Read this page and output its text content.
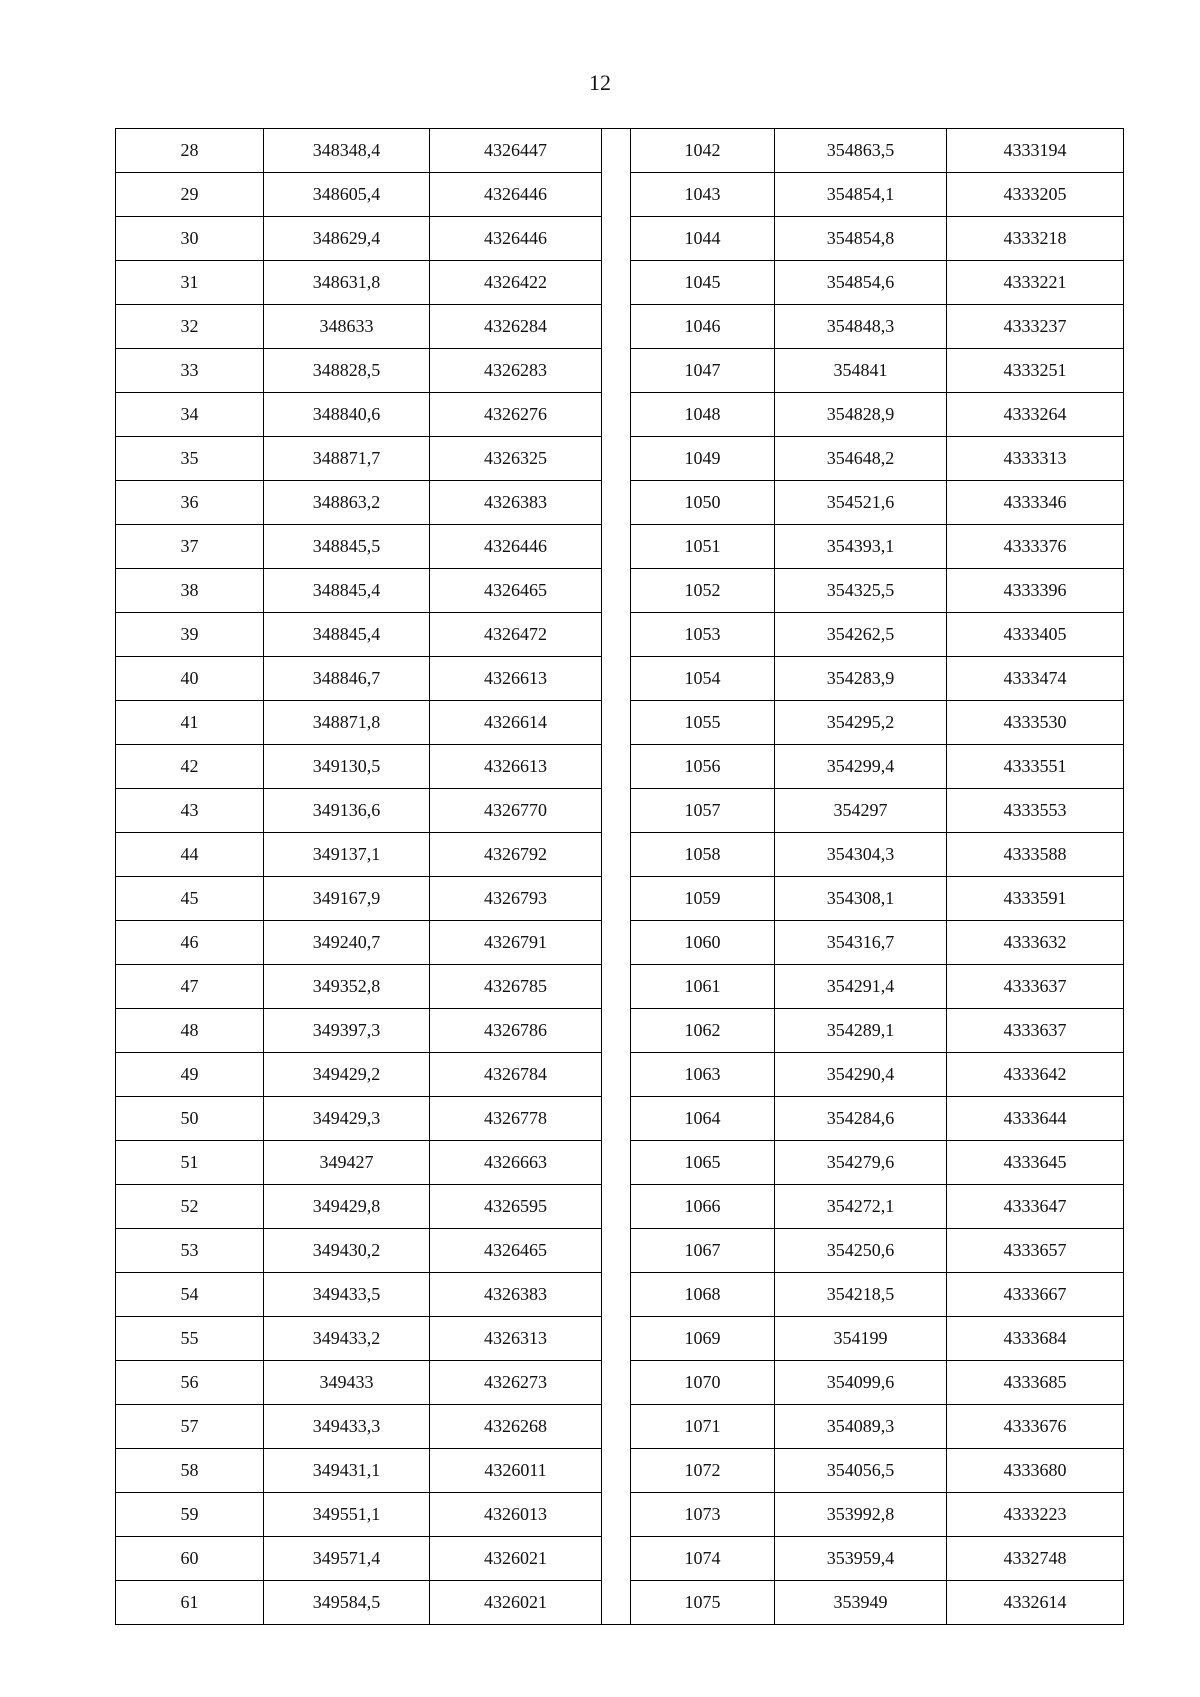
12
28	348348,4	4326447		1042	354863,5	4333194
29	348605,4	4326446		1043	354854,1	4333205
30	348629,4	4326446		1044	354854,8	4333218
31	348631,8	4326422		1045	354854,6	4333221
32	348633	4326284		1046	354848,3	4333237
33	348828,5	4326283		1047	354841	4333251
34	348840,6	4326276		1048	354828,9	4333264
35	348871,7	4326325		1049	354648,2	4333313
36	348863,2	4326383		1050	354521,6	4333346
37	348845,5	4326446		1051	354393,1	4333376
38	348845,4	4326465		1052	354325,5	4333396
39	348845,4	4326472		1053	354262,5	4333405
40	348846,7	4326613		1054	354283,9	4333474
41	348871,8	4326614		1055	354295,2	4333530
42	349130,5	4326613		1056	354299,4	4333551
43	349136,6	4326770		1057	354297	4333553
44	349137,1	4326792		1058	354304,3	4333588
45	349167,9	4326793		1059	354308,1	4333591
46	349240,7	4326791		1060	354316,7	4333632
47	349352,8	4326785		1061	354291,4	4333637
48	349397,3	4326786		1062	354289,1	4333637
49	349429,2	4326784		1063	354290,4	4333642
50	349429,3	4326778		1064	354284,6	4333644
51	349427	4326663		1065	354279,6	4333645
52	349429,8	4326595		1066	354272,1	4333647
53	349430,2	4326465		1067	354250,6	4333657
54	349433,5	4326383		1068	354218,5	4333667
55	349433,2	4326313		1069	354199	4333684
56	349433	4326273		1070	354099,6	4333685
57	349433,3	4326268		1071	354089,3	4333676
58	349431,1	4326011		1072	354056,5	4333680
59	349551,1	4326013		1073	353992,8	4333223
60	349571,4	4326021		1074	353959,4	4332748
61	349584,5	4326021		1075	353949	4332614
